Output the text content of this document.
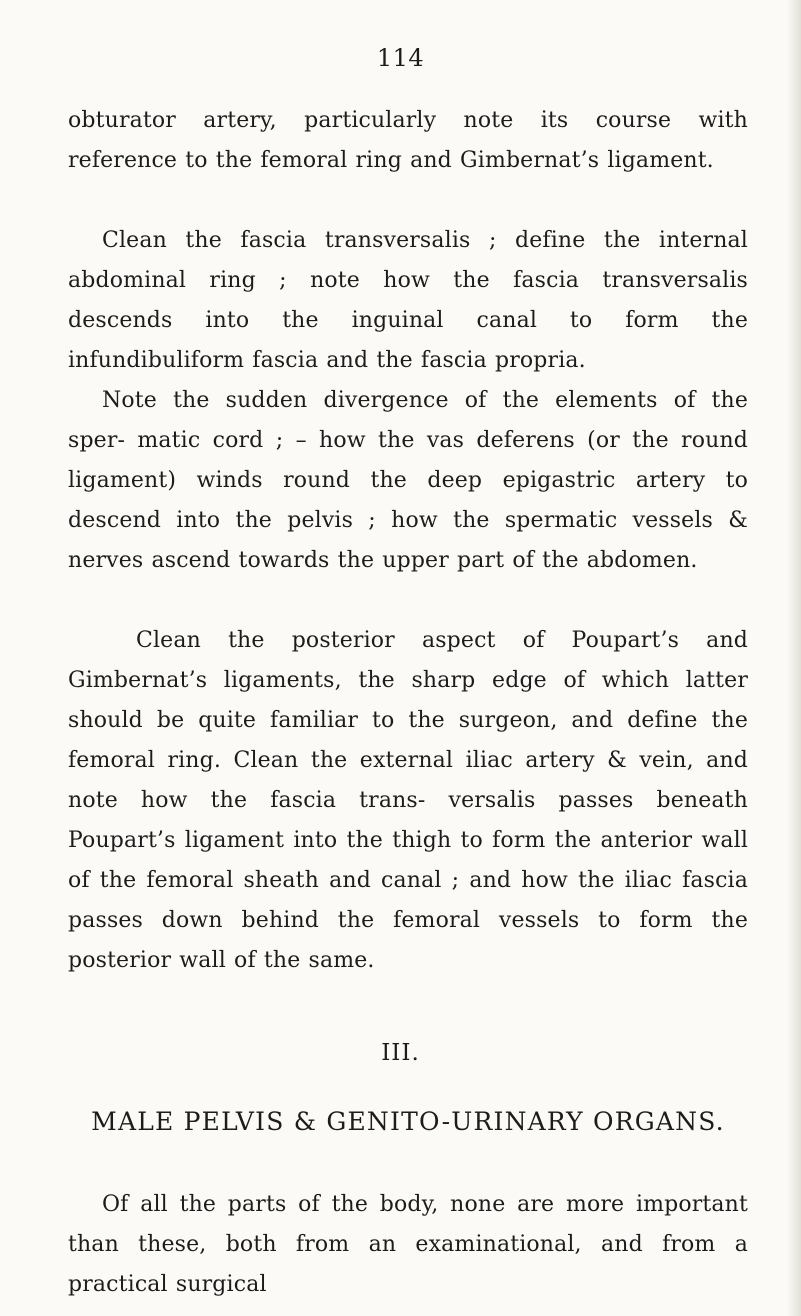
114

obturator artery, particularly note its course with reference to the femoral ring and Gimbernat’s ligament.

Clean the fascia transversalis ; define the internal abdominal ring ; note how the fascia transversalis descends into the inguinal canal to form the infundibuliform fascia and the fascia propria.

Note the sudden divergence of the elements of the sper- matic cord ; – how the vas deferens (or the round ligament) winds round the deep epigastric artery to descend into the pelvis ; how the spermatic vessels & nerves ascend towards the upper part of the abdomen.

Clean the posterior aspect of Poupart’s and Gimbernat’s ligaments, the sharp edge of which latter should be quite familiar to the surgeon, and define the femoral ring. Clean the external iliac artery & vein, and note how the fascia trans- versalis passes beneath Poupart’s ligament into the thigh to form the anterior wall of the femoral sheath and canal ; and how the iliac fascia passes down behind the femoral vessels to form the posterior wall of the same.

III.
MALE PELVIS & GENITO-URINARY ORGANS.

Of all the parts of the body, none are more important than these, both from an examinational, and from a practical surgical
